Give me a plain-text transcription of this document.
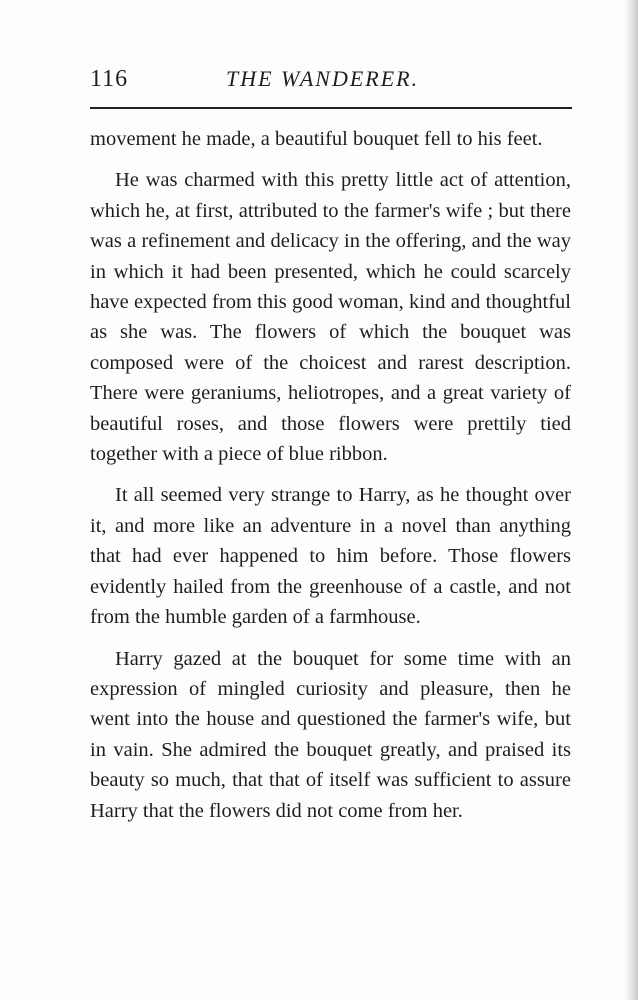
116	THE WANDERER.

movement he made, a beautiful bouquet fell to his feet.

He was charmed with this pretty little act of attention, which he, at first, attributed to the farmer's wife ; but there was a refinement and delicacy in the offering, and the way in which it had been presented, which he could scarcely have expected from this good woman, kind and thoughtful as she was. The flowers of which the bouquet was composed were of the choicest and rarest description. There were geraniums, heliotropes, and a great variety of beautiful roses, and those flowers were prettily tied together with a piece of blue ribbon.

It all seemed very strange to Harry, as he thought over it, and more like an adventure in a novel than anything that had ever happened to him before. Those flowers evidently hailed from the greenhouse of a castle, and not from the humble garden of a farmhouse.

Harry gazed at the bouquet for some time with an expression of mingled curiosity and pleasure, then he went into the house and questioned the farmer's wife, but in vain. She admired the bouquet greatly, and praised its beauty so much, that that of itself was sufficient to assure Harry that the flowers did not come from her.
